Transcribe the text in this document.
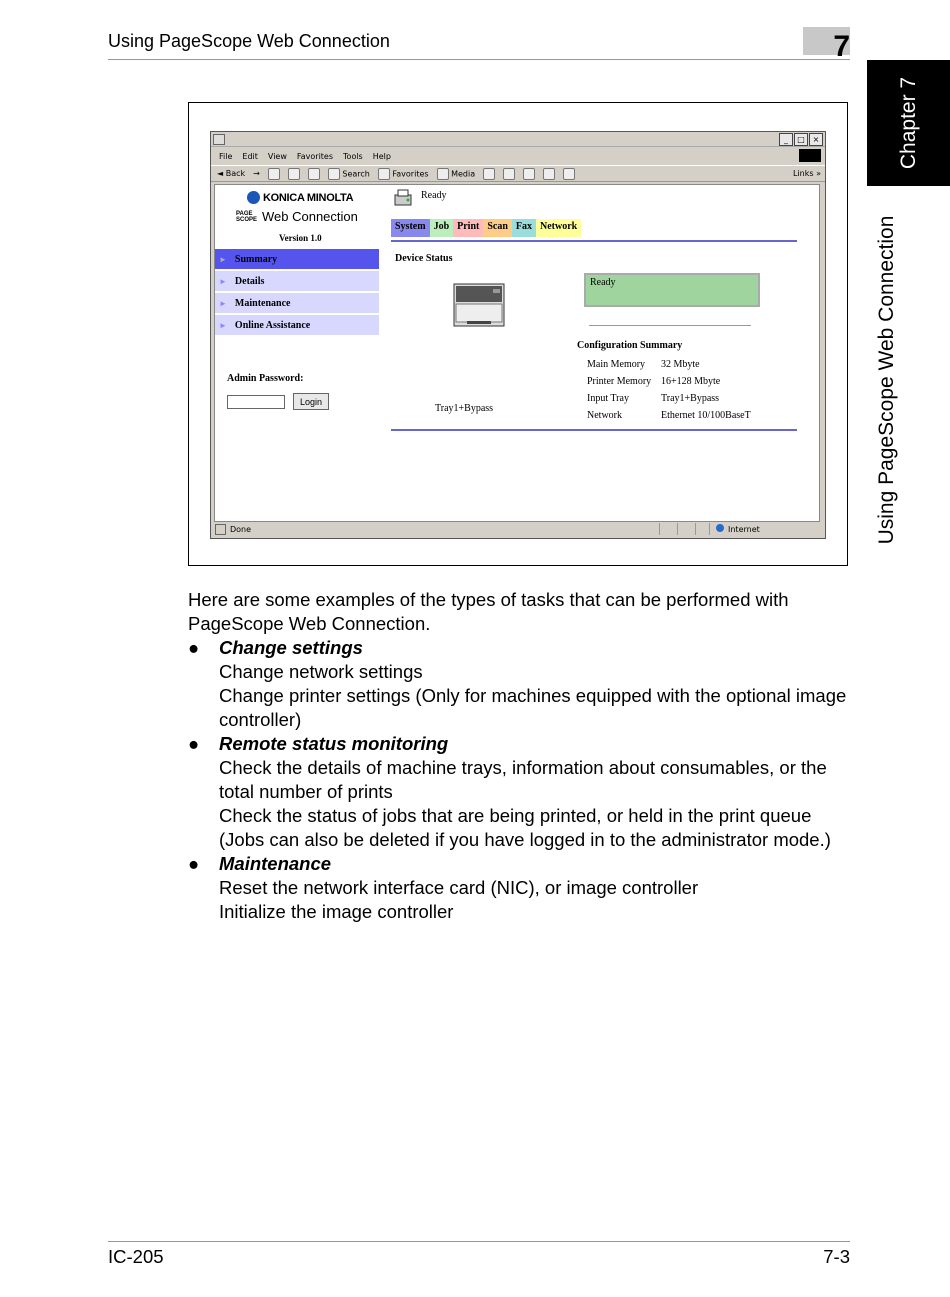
Using PageScope Web Connection	7
Chapter 7
Using PageScope Web Connection
_	□ ×
File Edit View Favorites Tools Help
◄ Back →	Search	Favorites	Media	Links »
KONICA MINOLTA
PAGE SCOPE Web Connection
Version 1.0
► Summary
► Details
► Maintenance
► Online Assistance
Admin Password:
Login
Ready
System Job Print Scan Fax Network
Device Status
Tray1+Bypass
Ready
Configuration Summary
Main Memory 32 Mbyte
Printer Memory 16+128 Mbyte
Input Tray	Tray1+Bypass
Network	Ethernet 10/100BaseT
Done	Internet

Here are some examples of the types of tasks that can be performed with PageScope Web Connection.

● Change settings
Change network settings
Change printer settings (Only for machines equipped with the optional image controller)
● Remote status monitoring
Check the details of machine trays, information about consumables, or the total number of prints
Check the status of jobs that are being printed, or held in the print queue (Jobs can also be deleted if you have logged in to the administrator mode.)
● Maintenance
Reset the network interface card (NIC), or image controller
Initialize the image controller
IC-205	7-3
